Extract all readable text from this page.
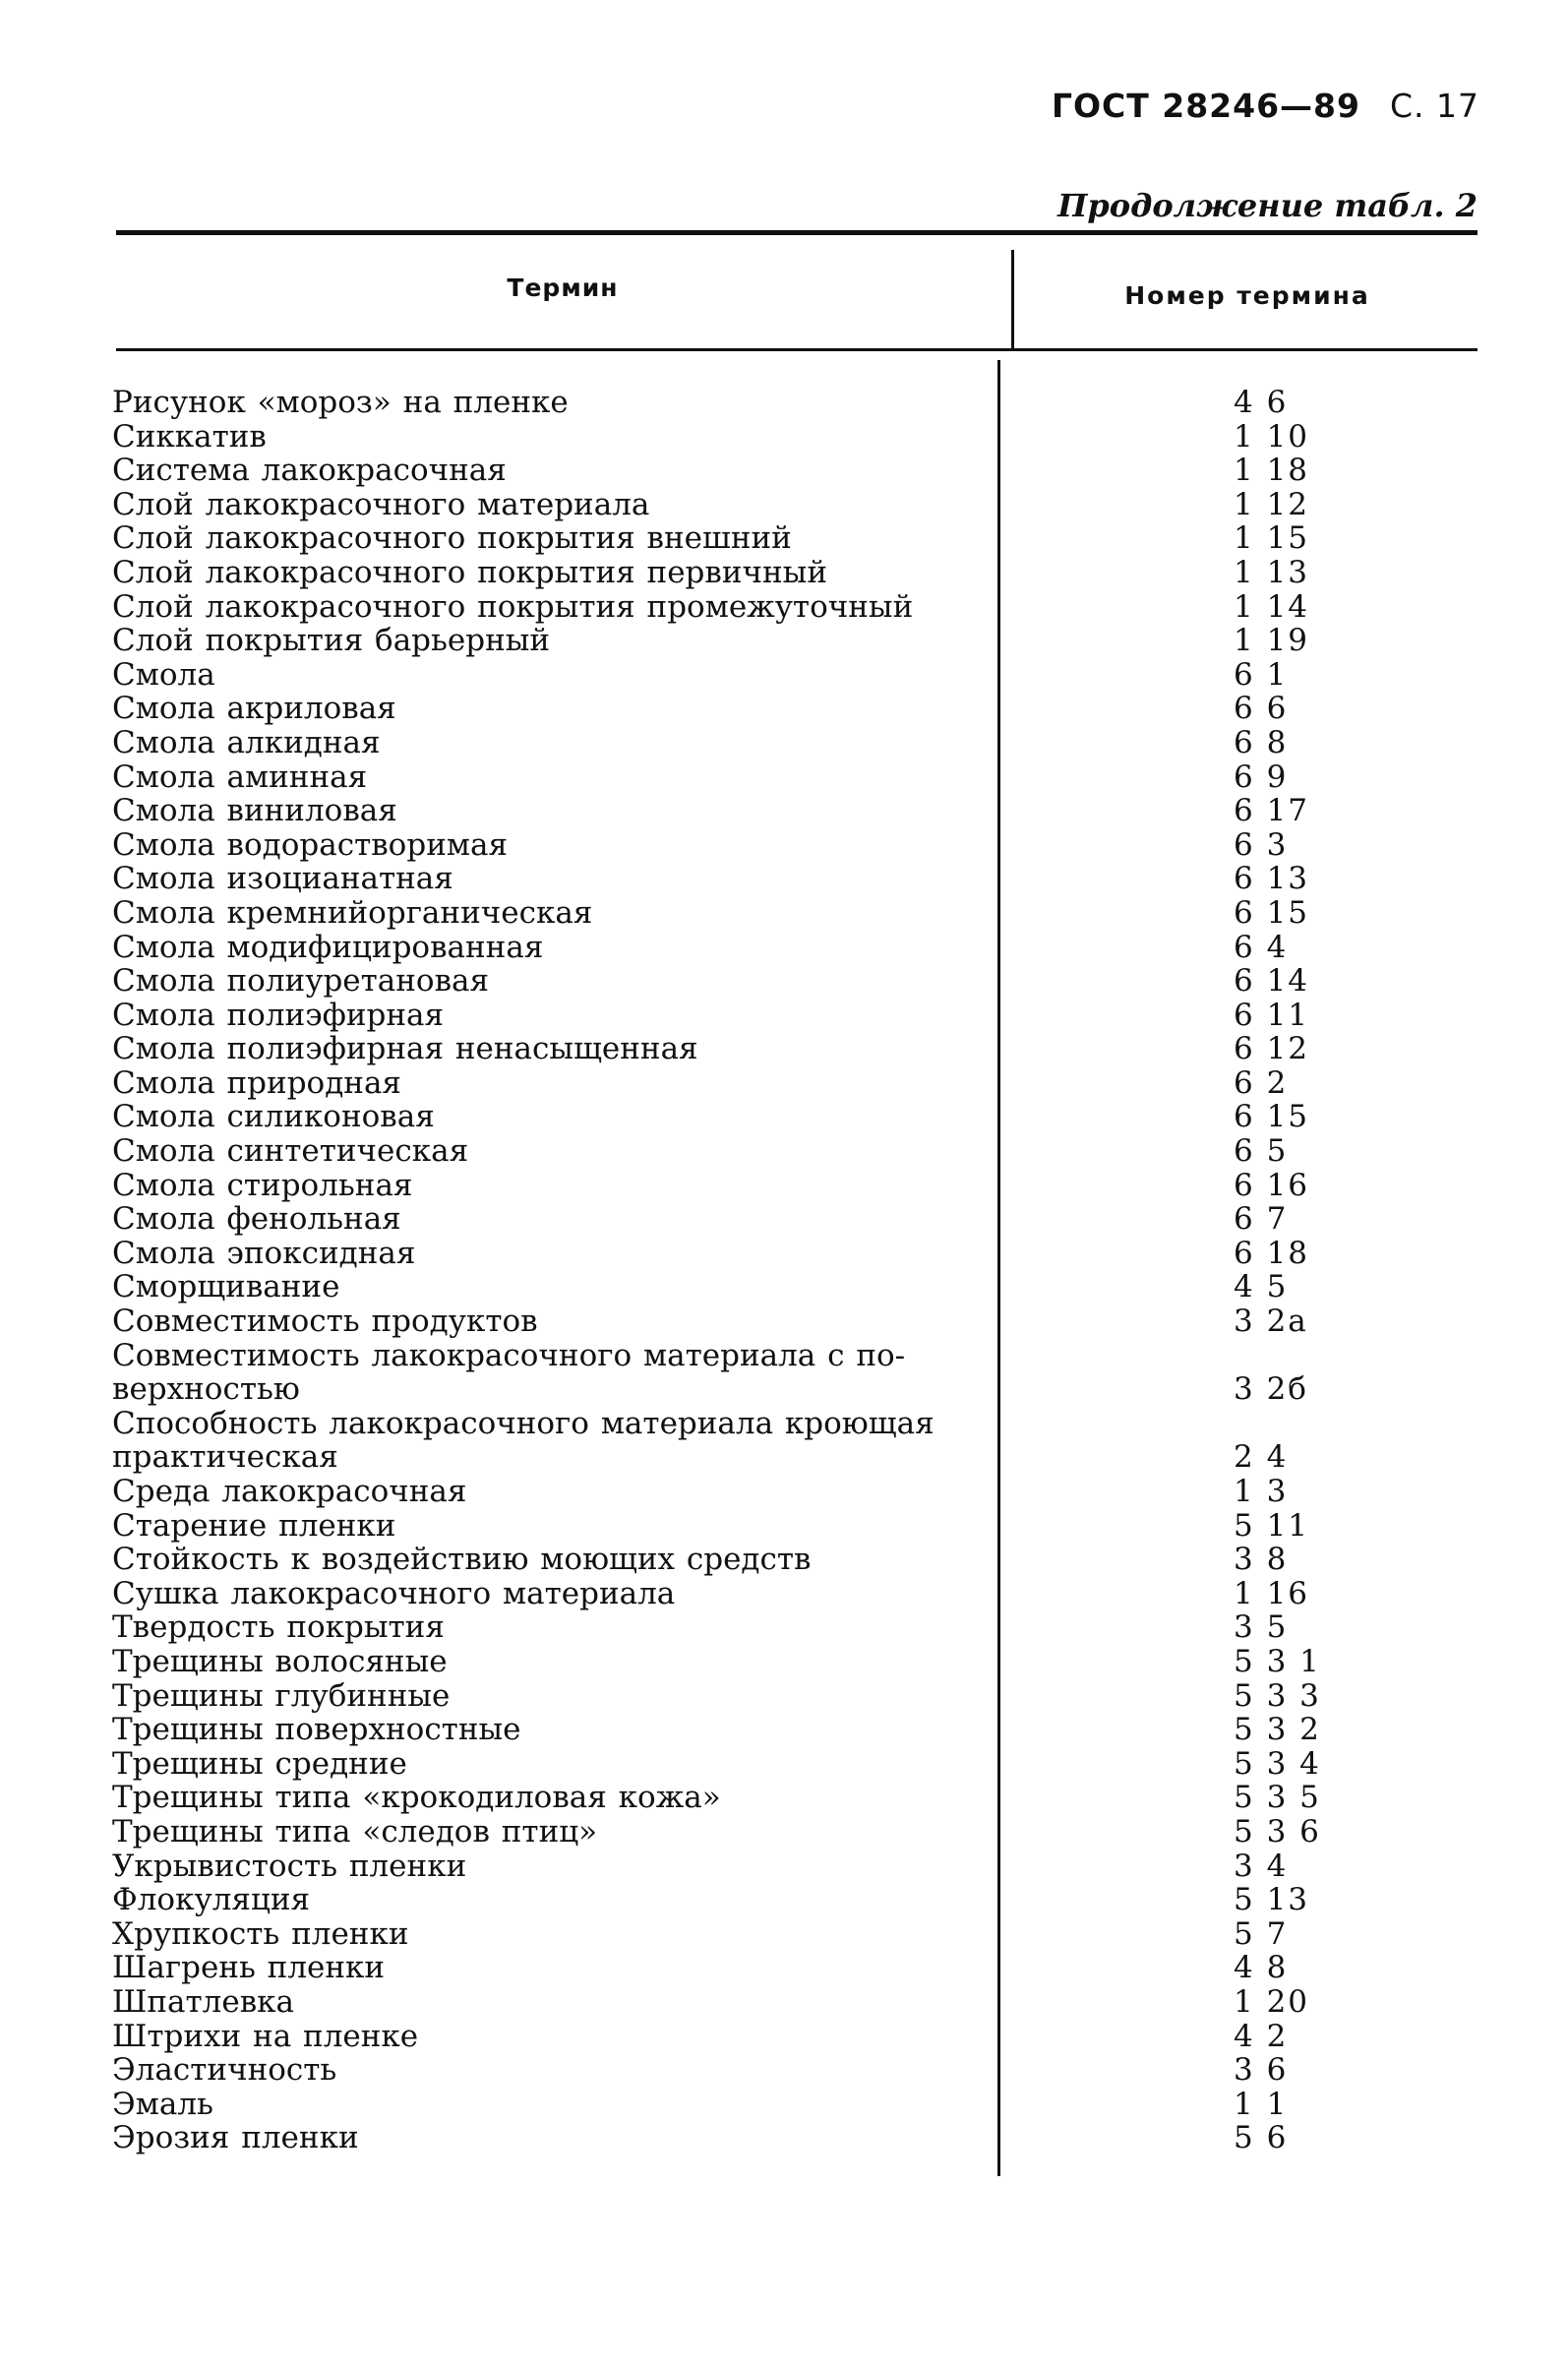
ГОСТ 28246—89 С. 17
Продолжение табл. 2
Термин	Номер термина
Рисунок «мороз» на пленке	4 6
Сиккатив	1 10
Система лакокрасочная	1 18
Слой лакокрасочного материала	1 12
Слой лакокрасочного покрытия внешний	1 15
Слой лакокрасочного покрытия первичный	1 13
Слой лакокрасочного покрытия промежуточный	1 14
Слой покрытия барьерный	1 19
Смола	6 1
Смола акриловая	6 6
Смола алкидная	6 8
Смола аминная	6 9
Смола виниловая	6 17
Смола водорастворимая	6 3
Смола изоцианатная	6 13
Смола кремнийорганическая	6 15
Смола модифицированная	6 4
Смола полиуретановая	6 14
Смола полиэфирная	6 11
Смола полиэфирная ненасыщенная	6 12
Смола природная	6 2
Смола силиконовая	6 15
Смола синтетическая	6 5
Смола стирольная	6 16
Смола фенольная	6 7
Смола эпоксидная	6 18
Сморщивание	4 5
Совместимость продуктов	3 2а
Совместимость лакокрасочного материала с по-
верхностью	3 2б
Способность лакокрасочного материала кроющая
практическая	2 4
Среда лакокрасочная	1 3
Старение пленки	5 11
Стойкость к воздействию моющих средств	3 8
Сушка лакокрасочного материала	1 16
Твердость покрытия	3 5
Трещины волосяные	5 3 1
Трещины глубинные	5 3 3
Трещины поверхностные	5 3 2
Трещины средние	5 3 4
Трещины типа «крокодиловая кожа»	5 3 5
Трещины типа «следов птиц»	5 3 6
Укрывистость пленки	3 4
Флокуляция	5 13
Хрупкость пленки	5 7
Шагрень пленки	4 8
Шпатлевка	1 20
Штрихи на пленке	4 2
Эластичность	3 6
Эмаль	1 1
Эрозия пленки	5 6
